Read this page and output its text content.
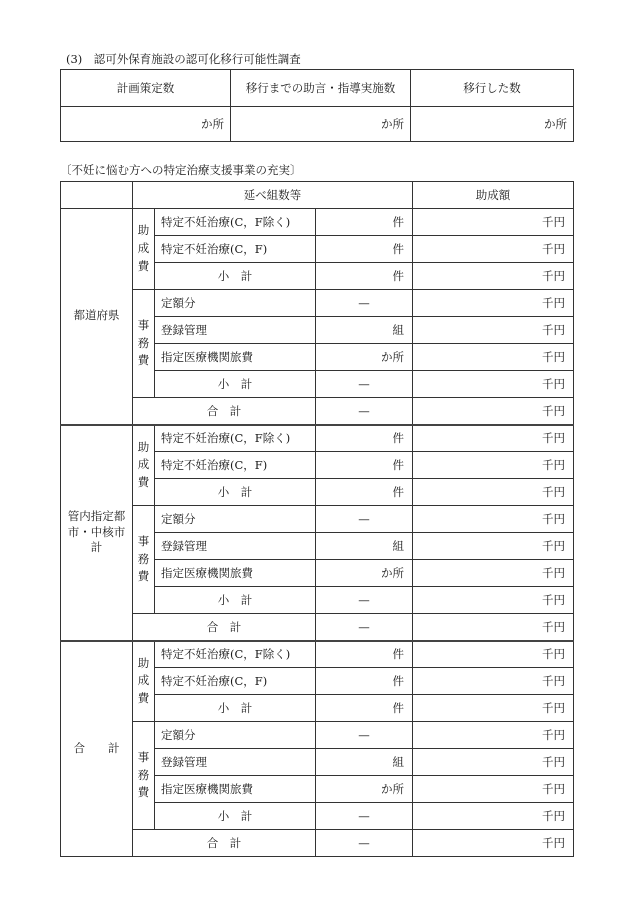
(3)　認可外保育施設の認可化移行可能性調査
計画策定数	移行までの助言・指導実施数	移行した数
か所	か所	か所
〔不妊に悩む方への特定治療支援事業の充実〕
	延べ組数等			助成額
都道府県	助成費	特定不妊治療(C，F除く)	件	千円
		特定不妊治療(C，F)	件	千円
		小　計	件	千円
	事務費	定額分	—	千円
		登録管理	組	千円
		指定医療機関旅費	か所	千円
		小　計	—	千円
	合　計		—	千円
管内指定都市・中核市計	助成費	特定不妊治療(C，F除く)	件	千円
		特定不妊治療(C，F)	件	千円
		小　計	件	千円
	事務費	定額分	—	千円
		登録管理	組	千円
		指定医療機関旅費	か所	千円
		小　計	—	千円
	合　計		—	千円
合　　計	助成費	特定不妊治療(C，F除く)	件	千円
		特定不妊治療(C，F)	件	千円
		小　計	件	千円
	事務費	定額分	—	千円
		登録管理	組	千円
		指定医療機関旅費	か所	千円
		小　計	—	千円
	合　計		—	千円
